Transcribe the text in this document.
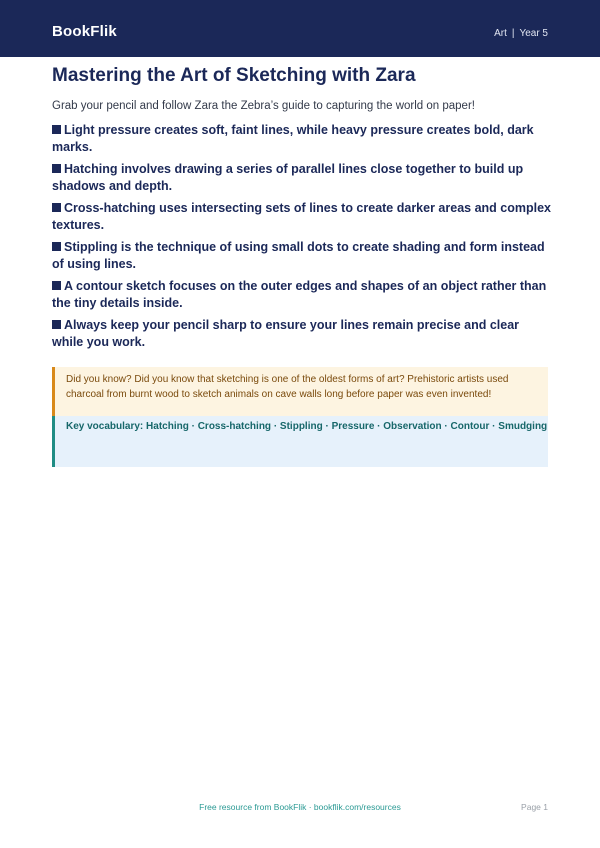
BookFlik	Art | Year 5
Mastering the Art of Sketching with Zara

Grab your pencil and follow Zara the Zebra’s guide to capturing the world on paper!

Light pressure creates soft, faint lines, while heavy pressure creates bold, dark marks.
Hatching involves drawing a series of parallel lines close together to build up shadows and depth.
Cross-hatching uses intersecting sets of lines to create darker areas and complex textures.
Stippling is the technique of using small dots to create shading and form instead of using lines.
A contour sketch focuses on the outer edges and shapes of an object rather than the tiny details inside.
Always keep your pencil sharp to ensure your lines remain precise and clear while you work.
Did you know? Did you know that sketching is one of the oldest forms of art? Prehistoric artists used charcoal from burnt wood to sketch animals on cave walls long before paper was even invented!
Key vocabulary: Hatching · Cross-hatching · Stippling · Pressure · Observation · Contour · Smudging
Free resource from BookFlik · bookflik.com/resources	Page 1
